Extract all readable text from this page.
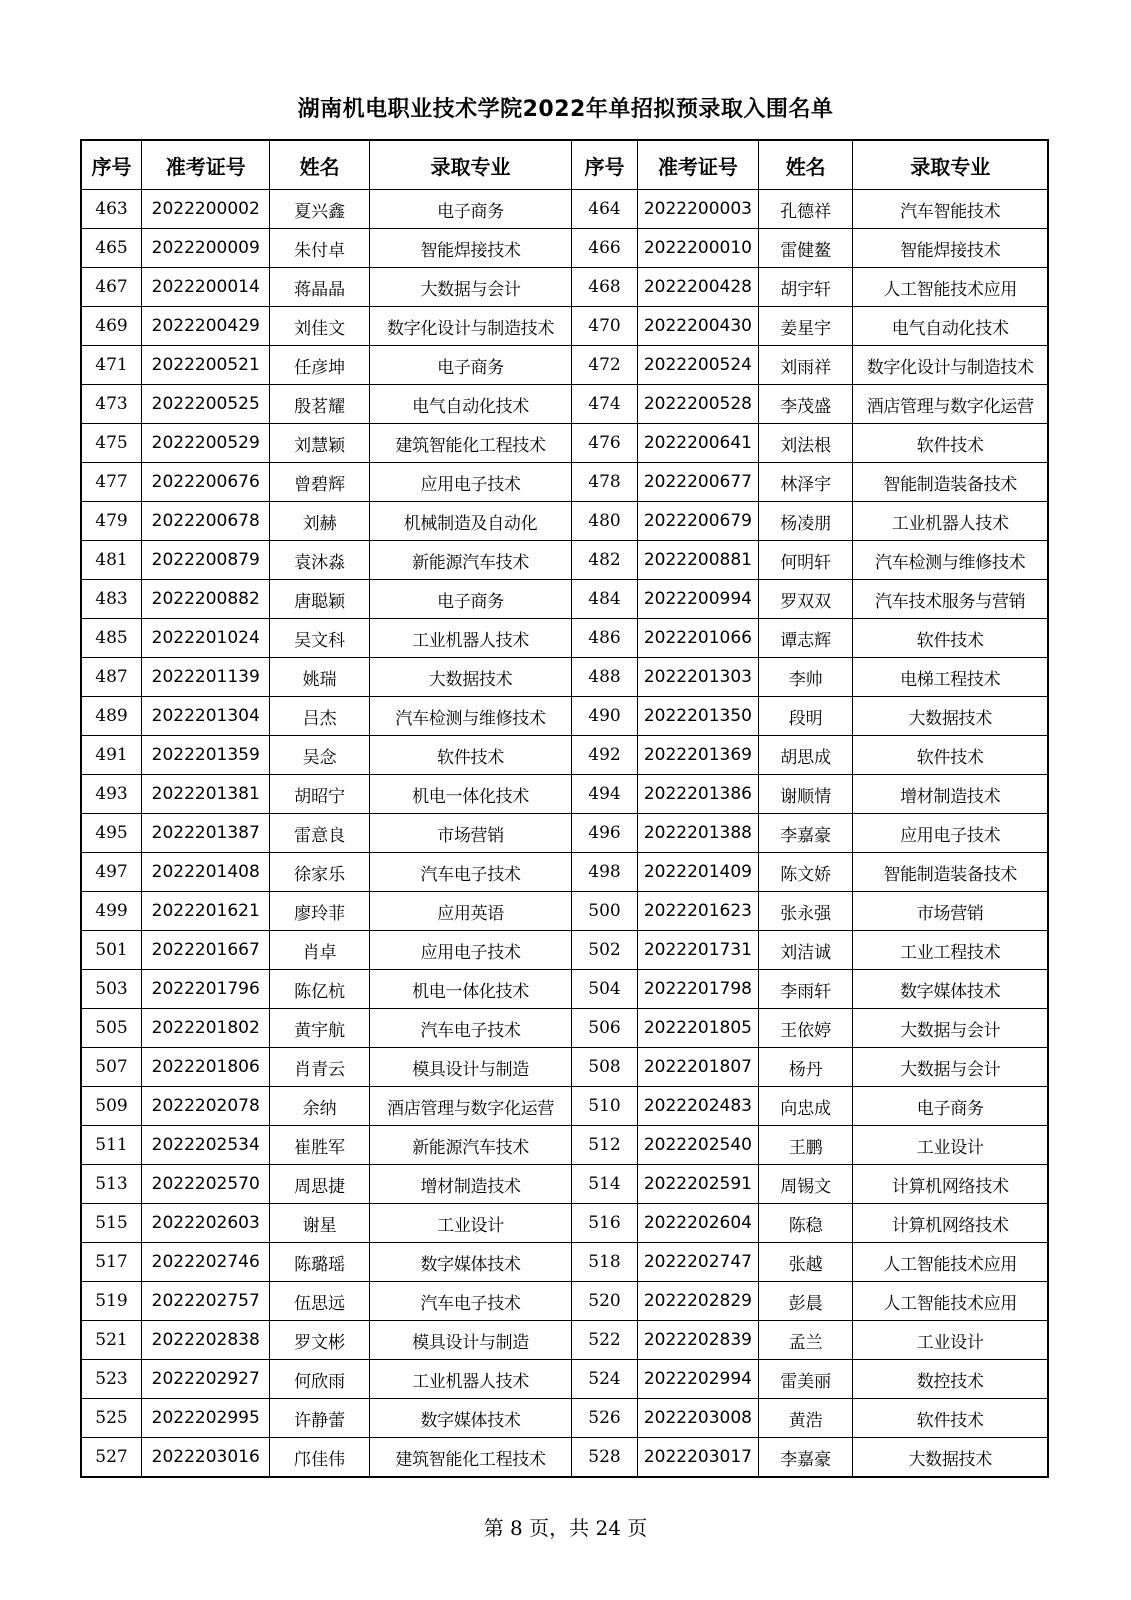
湖南机电职业技术学院2022年单招拟预录取入围名单
序号	准考证号	姓名	录取专业	序号	准考证号	姓名	录取专业
463	2022200002	夏兴鑫	电子商务	464	2022200003	孔德祥	汽车智能技术
465	2022200009	朱付卓	智能焊接技术	466	2022200010	雷健鳌	智能焊接技术
467	2022200014	蒋晶晶	大数据与会计	468	2022200428	胡宇轩	人工智能技术应用
469	2022200429	刘佳文	数字化设计与制造技术	470	2022200430	姜星宇	电气自动化技术
471	2022200521	任彦坤	电子商务	472	2022200524	刘雨祥	数字化设计与制造技术
473	2022200525	殷茗耀	电气自动化技术	474	2022200528	李茂盛	酒店管理与数字化运营
475	2022200529	刘慧颖	建筑智能化工程技术	476	2022200641	刘法根	软件技术
477	2022200676	曾碧辉	应用电子技术	478	2022200677	林泽宇	智能制造装备技术
479	2022200678	刘赫	机械制造及自动化	480	2022200679	杨凌朋	工业机器人技术
481	2022200879	袁沐淼	新能源汽车技术	482	2022200881	何明轩	汽车检测与维修技术
483	2022200882	唐聪颖	电子商务	484	2022200994	罗双双	汽车技术服务与营销
485	2022201024	吴文科	工业机器人技术	486	2022201066	谭志辉	软件技术
487	2022201139	姚瑞	大数据技术	488	2022201303	李帅	电梯工程技术
489	2022201304	吕杰	汽车检测与维修技术	490	2022201350	段明	大数据技术
491	2022201359	吴念	软件技术	492	2022201369	胡思成	软件技术
493	2022201381	胡昭宁	机电一体化技术	494	2022201386	谢顺情	增材制造技术
495	2022201387	雷意良	市场营销	496	2022201388	李嘉豪	应用电子技术
497	2022201408	徐家乐	汽车电子技术	498	2022201409	陈文娇	智能制造装备技术
499	2022201621	廖玲菲	应用英语	500	2022201623	张永强	市场营销
501	2022201667	肖卓	应用电子技术	502	2022201731	刘洁诚	工业工程技术
503	2022201796	陈亿杭	机电一体化技术	504	2022201798	李雨轩	数字媒体技术
505	2022201802	黄宇航	汽车电子技术	506	2022201805	王依婷	大数据与会计
507	2022201806	肖青云	模具设计与制造	508	2022201807	杨丹	大数据与会计
509	2022202078	余纳	酒店管理与数字化运营	510	2022202483	向忠成	电子商务
511	2022202534	崔胜军	新能源汽车技术	512	2022202540	王鹏	工业设计
513	2022202570	周思捷	增材制造技术	514	2022202591	周锡文	计算机网络技术
515	2022202603	谢星	工业设计	516	2022202604	陈稳	计算机网络技术
517	2022202746	陈璐瑶	数字媒体技术	518	2022202747	张越	人工智能技术应用
519	2022202757	伍思远	汽车电子技术	520	2022202829	彭晨	人工智能技术应用
521	2022202838	罗文彬	模具设计与制造	522	2022202839	孟兰	工业设计
523	2022202927	何欣雨	工业机器人技术	524	2022202994	雷美丽	数控技术
525	2022202995	许静蕾	数字媒体技术	526	2022203008	黄浩	软件技术
527	2022203016	邝佳伟	建筑智能化工程技术	528	2022203017	李嘉豪	大数据技术
第 8 页，共 24 页
